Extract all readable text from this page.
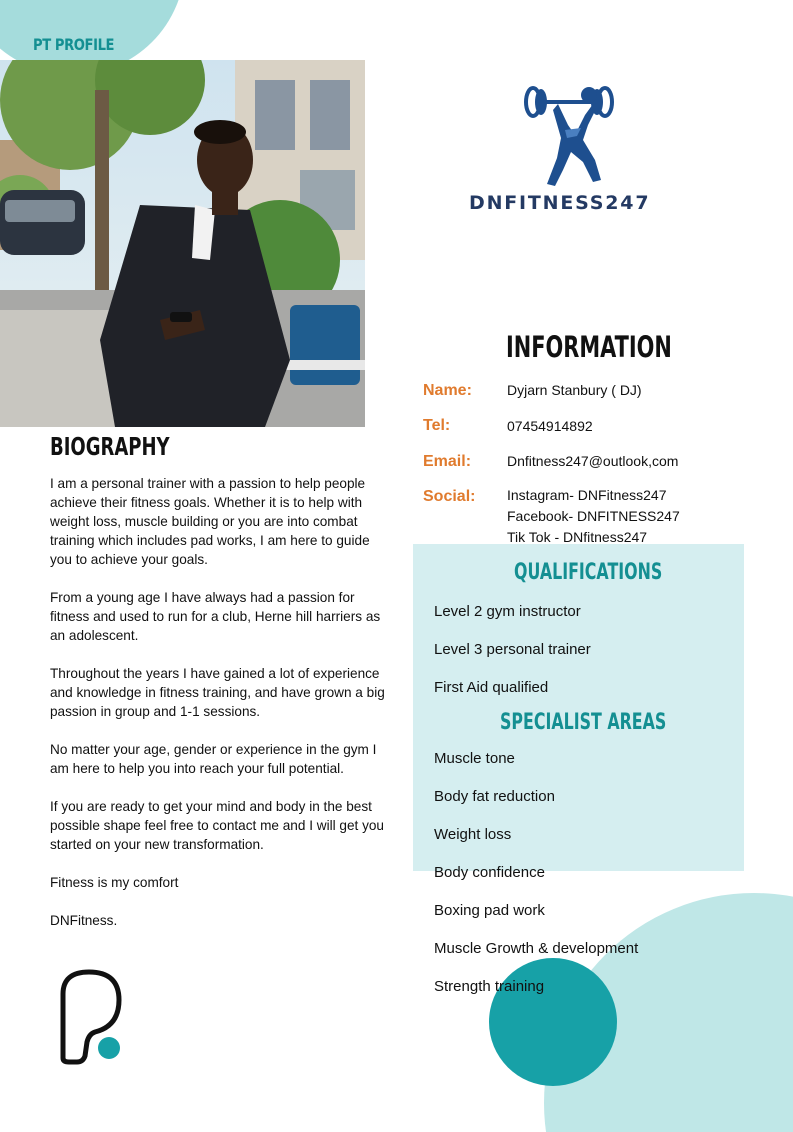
PT PROFILE
DNFITNESS247
INFORMATION
Name:	Dyjarn Stanbury ( DJ)
Tel:	07454914892
Email:	Dnfitness247@outlook,com
Social: Instagram- DNFitness247
Facebook- DNFITNESS247
Tik Tok - DNfitness247
BIOGRAPHY

I am a personal trainer with a passion to help people achieve their fitness goals. Whether it is to help with weight loss, muscle building or you are into combat training which includes pad works, I am here to guide you to achieve your goals.

From a young age I have always had a passion for fitness and used to run for a club, Herne hill harriers as an adolescent.

Throughout the years I have gained a lot of experience and knowledge in fitness training, and have grown a big passion in group and 1-1 sessions.

No matter your age, gender or experience in the gym I am here to help you into reach your full potential.

If you are ready to get your mind and body in the best possible shape feel free to contact me and I will get you started on your new transformation.

Fitness is my comfort

DNFitness.

QUALIFICATIONS
Level 2 gym instructor
Level 3 personal trainer
First Aid qualified
SPECIALIST AREAS
Muscle tone
Body fat reduction
Weight loss
Body confidence
Boxing pad work
Muscle Growth & development
Strength training
